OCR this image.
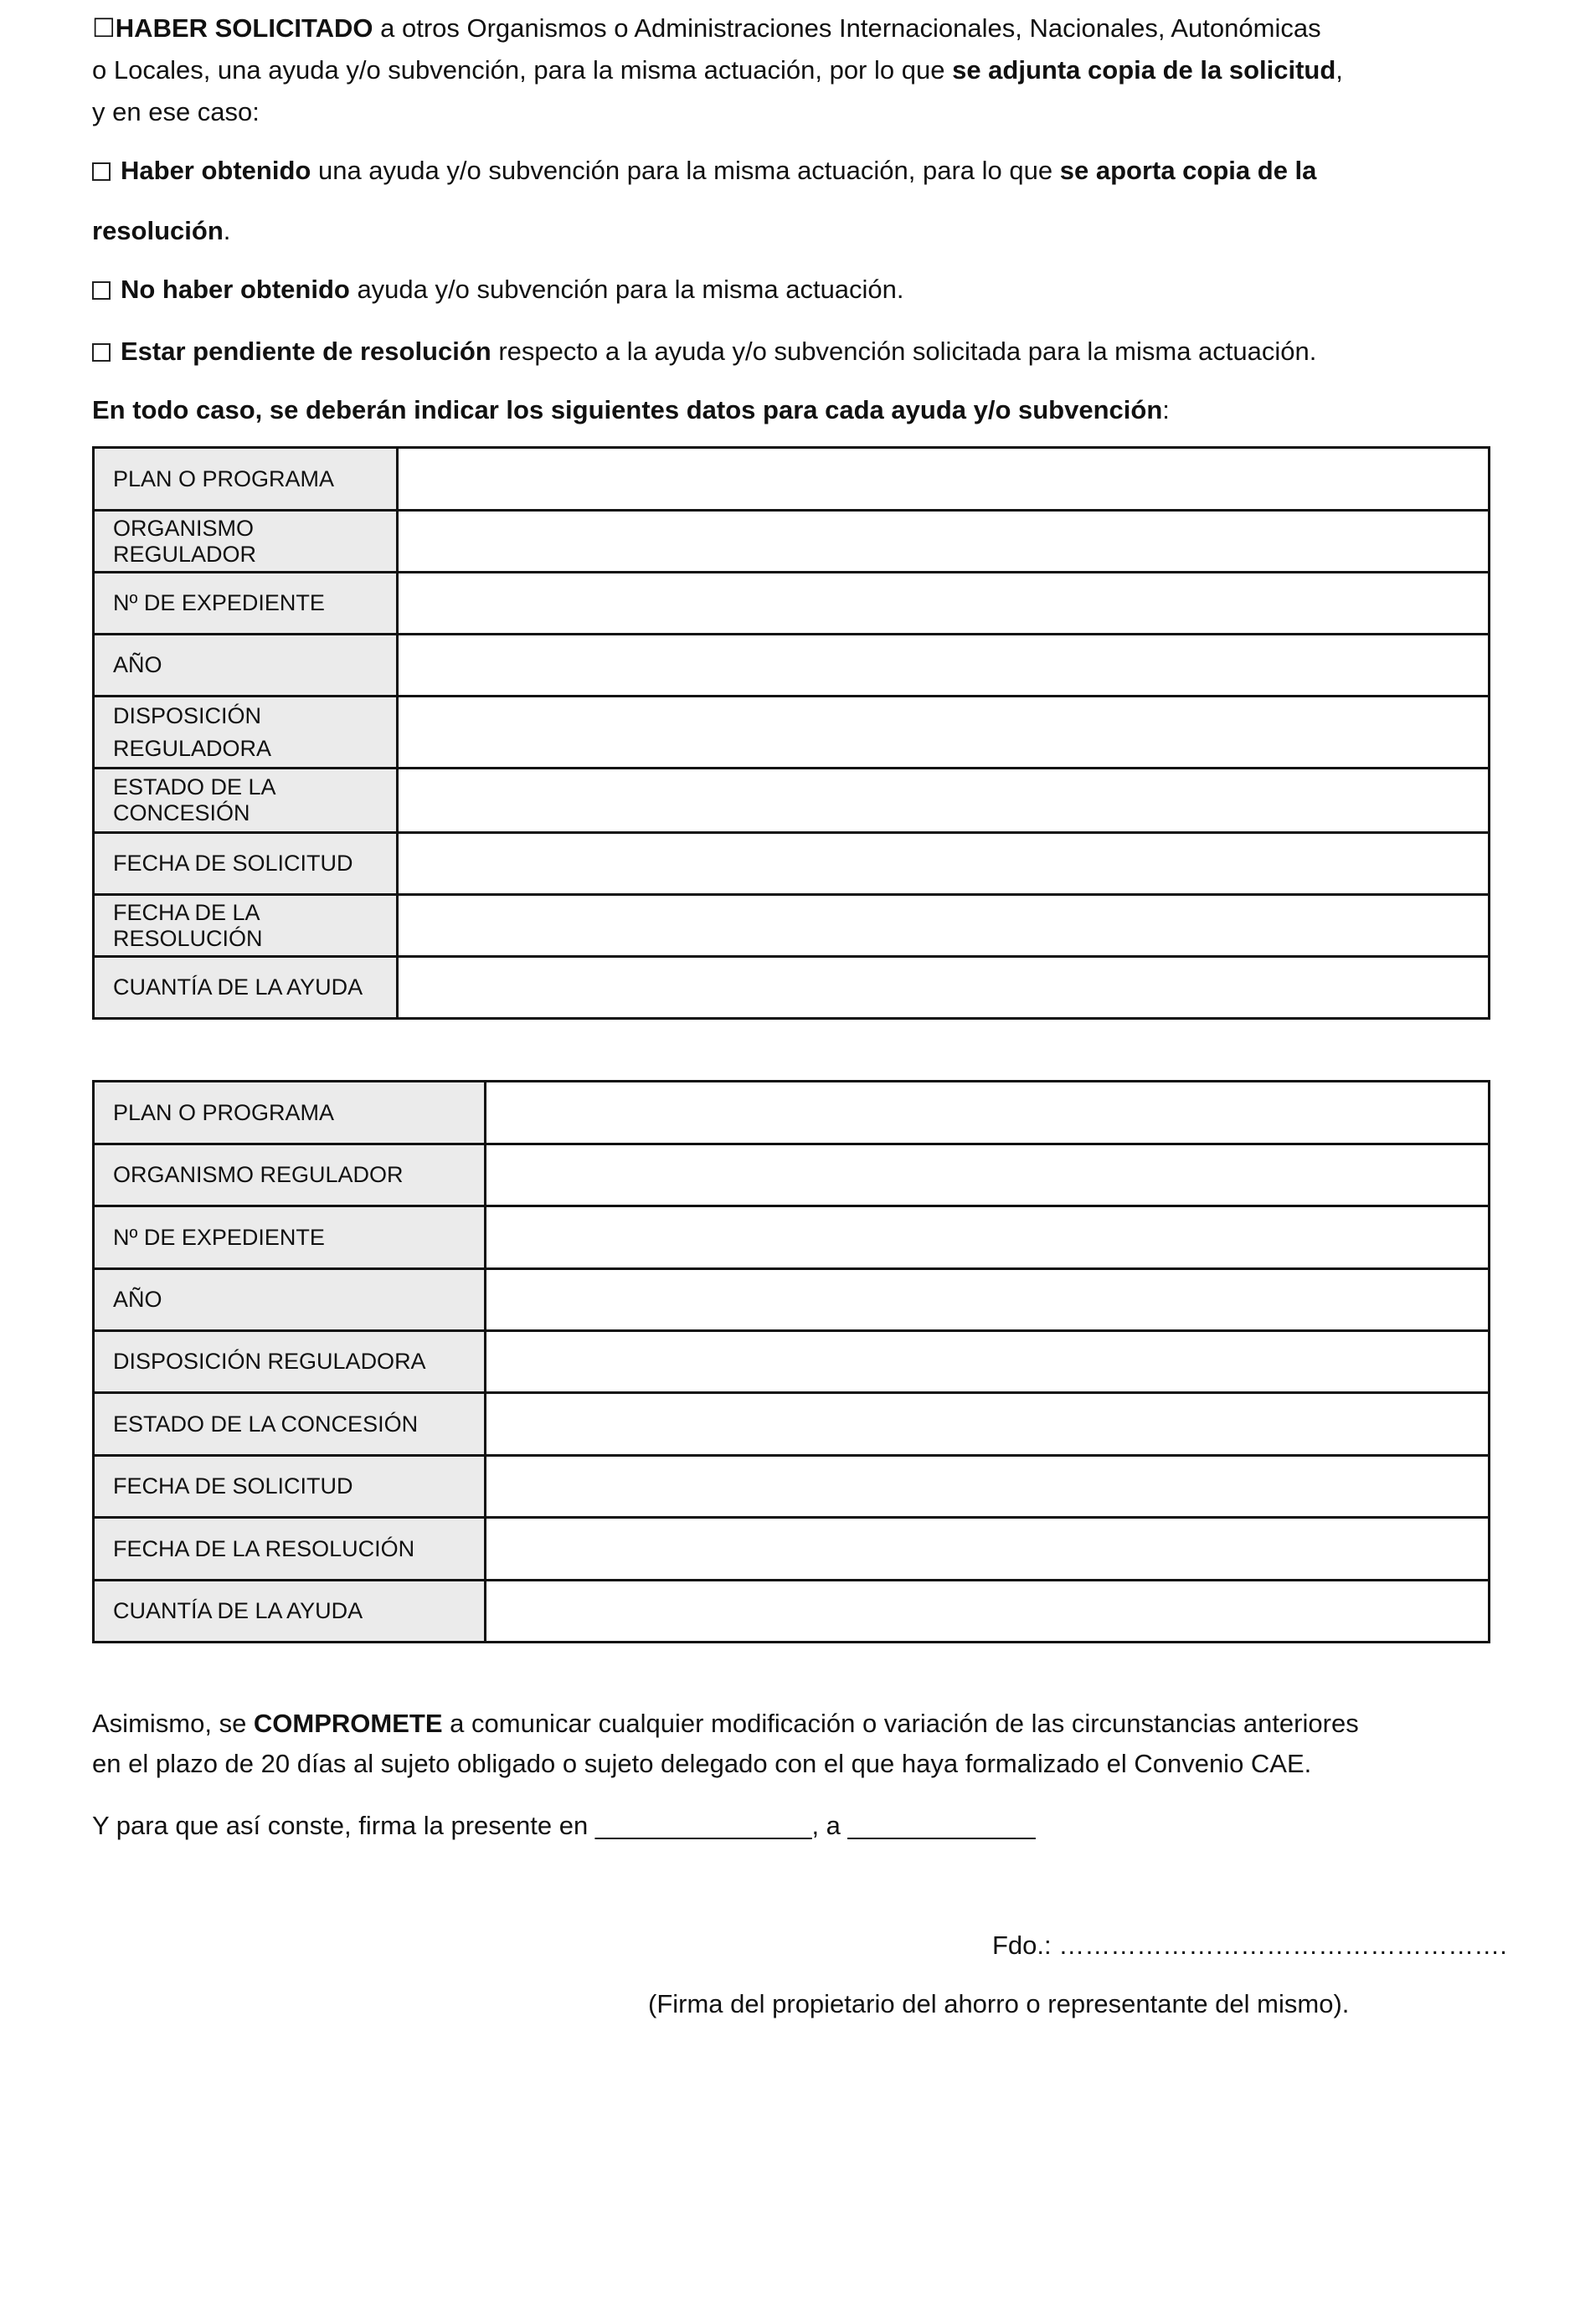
☐HABER SOLICITADO a otros Organismos o Administraciones Internacionales, Nacionales, Autonómicas
o Locales, una ayuda y/o subvención, para la misma actuación, por lo que se adjunta copia de la solicitud,
y en ese caso:
Haber obtenido una ayuda y/o subvención para la misma actuación, para lo que se aporta copia de la
resolución.
No haber obtenido ayuda y/o subvención para la misma actuación.
Estar pendiente de resolución respecto a la ayuda y/o subvención solicitada para la misma actuación.
En todo caso, se deberán indicar los siguientes datos para cada ayuda y/o subvención:
PLAN O PROGRAMA	
ORGANISMO REGULADOR	
Nº DE EXPEDIENTE	
AÑO	
DISPOSICIÓN REGULADORA	
ESTADO DE LA CONCESIÓN	
FECHA DE SOLICITUD	
FECHA DE LA RESOLUCIÓN	
CUANTÍA DE LA AYUDA	
PLAN O PROGRAMA	
ORGANISMO REGULADOR	
Nº DE EXPEDIENTE	
AÑO	
DISPOSICIÓN REGULADORA	
ESTADO DE LA CONCESIÓN	
FECHA DE SOLICITUD	
FECHA DE LA RESOLUCIÓN	
CUANTÍA DE LA AYUDA	
Asimismo, se COMPROMETE a comunicar cualquier modificación o variación de las circunstancias anteriores
en el plazo de 20 días al sujeto obligado o sujeto delegado con el que haya formalizado el Convenio CAE.
Y para que así conste, firma la presente en _______________, a _____________
Fdo.: …………………………………………….
(Firma del propietario del ahorro o representante del mismo).
